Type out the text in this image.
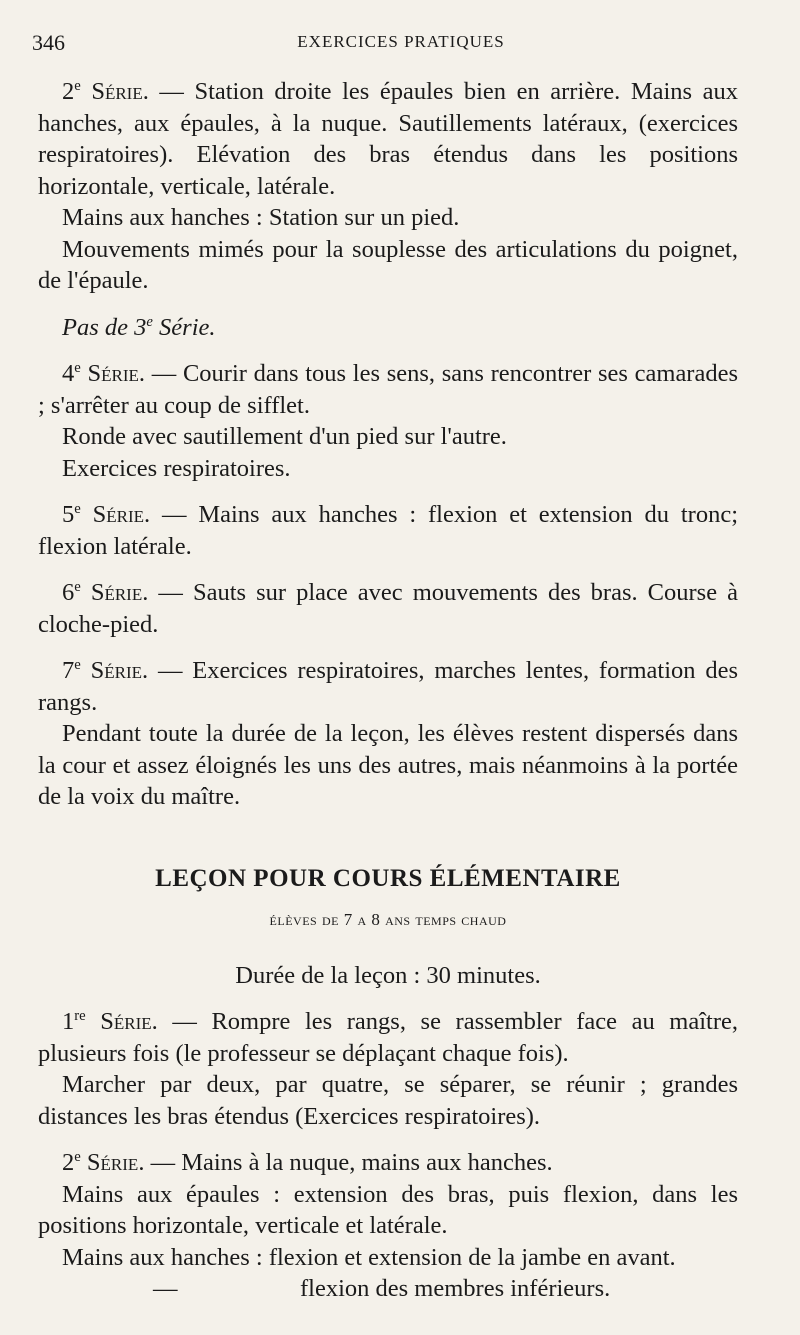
346	EXERCICES PRATIQUES

2e Série. — Station droite les épaules bien en arrière. Mains aux hanches, aux épaules, à la nuque. Sautillements latéraux, (exercices respiratoires). Elévation des bras étendus dans les positions horizontale, verticale, latérale.

Mains aux hanches : Station sur un pied.

Mouvements mimés pour la souplesse des articulations du poignet, de l'épaule.

Pas de 3e Série.

4e Série. — Courir dans tous les sens, sans rencontrer ses camarades ; s'arrêter au coup de sifflet.

Ronde avec sautillement d'un pied sur l'autre.

Exercices respiratoires.

5e Série. — Mains aux hanches : flexion et extension du tronc; flexion latérale.

6e Série. — Sauts sur place avec mouvements des bras. Course à cloche-pied.

7e Série. — Exercices respiratoires, marches lentes, formation des rangs.

Pendant toute la durée de la leçon, les élèves restent dispersés dans la cour et assez éloignés les uns des autres, mais néanmoins à la portée de la voix du maître.

LEÇON POUR COURS ÉLÉMENTAIRE

élèves de 7 a 8 ans temps chaud

Durée de la leçon : 30 minutes.

1re Série. — Rompre les rangs, se rassembler face au maître, plusieurs fois (le professeur se déplaçant chaque fois).

Marcher par deux, par quatre, se séparer, se réunir ; grandes distances les bras étendus (Exercices respiratoires).

2e Série. — Mains à la nuque, mains aux hanches.

Mains aux épaules : extension des bras, puis flexion, dans les positions horizontale, verticale et latérale.

Mains aux hanches : flexion et extension de la jambe en avant.

—	flexion des membres inférieurs.
